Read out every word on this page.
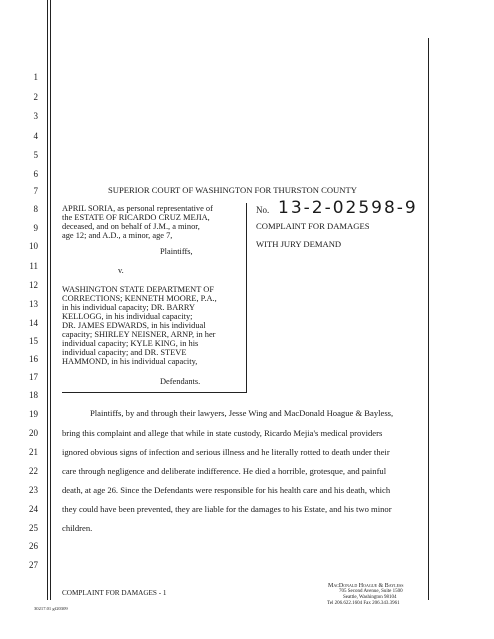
1
2
3
4
5
6
7
8
9
10
11
12
13
14
15
16
17
18
19
20
21
22
23
24
25
26
27
SUPERIOR COURT OF WASHINGTON FOR THURSTON COUNTY
APRIL SORIA, as personal representative of
the ESTATE OF RICARDO CRUZ MEJIA,
deceased, and on behalf of J.M., a minor,
age 12; and A.D., a minor, age 7,
Plaintiffs,
v.
WASHINGTON STATE DEPARTMENT OF
CORRECTIONS; KENNETH MOORE, P.A.,
in his individual capacity; DR. BARRY
KELLOGG, in his individual capacity;
DR. JAMES EDWARDS, in his individual
capacity; SHIRLEY NEISNER, ARNP, in her
individual capacity; KYLE KING, in his
individual capacity; and DR. STEVE
HAMMOND, in his individual capacity,
Defendants.
No. 13-2-02598-9
COMPLAINT FOR DAMAGES
WITH JURY DEMAND
Plaintiffs, by and through their lawyers, Jesse Wing and MacDonald Hoague & Bayless,
bring this complaint and allege that while in state custody, Ricardo Mejia's medical providers
ignored obvious signs of infection and serious illness and he literally rotted to death under their
care through negligence and deliberate indifference. He died a horrible, grotesque, and painful
death, at age 26. Since the Defendants were responsible for his health care and his death, which
they could have been prevented, they are liable for the damages to his Estate, and his two minor
children.
COMPLAINT FOR DAMAGES - 1
30217.01 gf20309
MacDonald Hoague & Bayless
705 Second Avenue, Suite 1500
Seattle, Washington 98104
Tel 206.622.1604 Fax 206.343.3961
